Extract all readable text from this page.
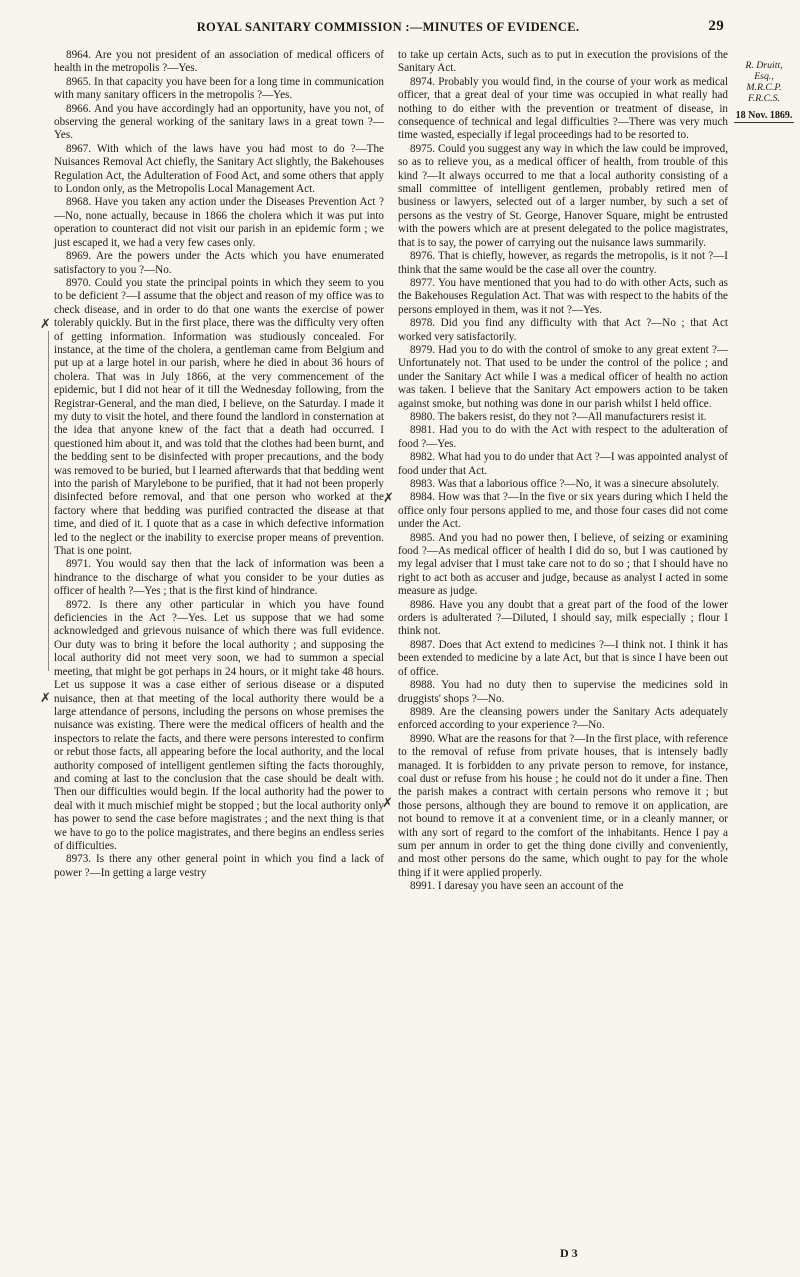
ROYAL SANITARY COMMISSION :—MINUTES OF EVIDENCE.	29

8964. Are you not president of an association of medical officers of health in the metropolis ?—Yes.

8965. In that capacity you have been for a long time in communication with many sanitary officers in the metropolis ?—Yes.

8966. And you have accordingly had an opportunity, have you not, of observing the general working of the sanitary laws in a great town ?—Yes.

8967. With which of the laws have you had most to do ?—The Nuisances Removal Act chiefly, the Sanitary Act slightly, the Bakehouses Regulation Act, the Adulteration of Food Act, and some others that apply to London only, as the Metropolis Local Management Act.

8968. Have you taken any action under the Diseases Prevention Act ?—No, none actually, because in 1866 the cholera which it was put into operation to counteract did not visit our parish in an epidemic form ; we just escaped it, we had a very few cases only.

8969. Are the powers under the Acts which you have enumerated satisfactory to you ?—No.

8970. Could you state the principal points in which they seem to you to be deficient ?—I assume that the object and reason of my office was to check disease, and in order to do that one wants the exercise of power tolerably quickly. But in the first place, there was the difficulty very often of getting information. Information was studiously concealed. For instance, at the time of the cholera, a gentleman came from Belgium and put up at a large hotel in our parish, where he died in about 36 hours of cholera. That was in July 1866, at the very commencement of the epidemic, but I did not hear of it till the Wednesday following, from the Registrar-General, and the man died, I believe, on the Saturday. I made it my duty to visit the hotel, and there found the landlord in consternation at the idea that anyone knew of the fact that a death had occurred. I questioned him about it, and was told that the clothes had been burnt, and the bedding sent to be disinfected with proper precautions, and the body was removed to be buried, but I learned afterwards that that bedding went into the parish of Marylebone to be purified, that it had not been properly disinfected before removal, and that one person who worked at the factory where that bedding was purified contracted the disease at that time, and died of it. I quote that as a case in which defective information led to the neglect or the inability to exercise proper means of prevention. That is one point.

8971. You would say then that the lack of information was been a hindrance to the discharge of what you consider to be your duties as officer of health ?—Yes ; that is the first kind of hindrance.

8972. Is there any other particular in which you have found deficiencies in the Act ?—Yes. Let us suppose that we had some acknowledged and grievous nuisance of which there was full evidence. Our duty was to bring it before the local authority ; and supposing the local authority did not meet very soon, we had to summon a special meeting, that might be got perhaps in 24 hours, or it might take 48 hours. Let us suppose it was a case either of serious disease or a disputed nuisance, then at that meeting of the local authority there would be a large attendance of persons, including the persons on whose premises the nuisance was existing. There were the medical officers of health and the inspectors to relate the facts, and there were persons interested to confirm or rebut those facts, all appearing before the local authority, and the local authority composed of intelligent gentlemen sifting the facts thoroughly, and coming at last to the conclusion that the case should be dealt with. Then our difficulties would begin. If the local authority had the power to deal with it much mischief might be stopped ; but the local authority only has power to send the case before magistrates ; and the next thing is that we have to go to the police magistrates, and there begins an endless series of difficulties.

8973. Is there any other general point in which you find a lack of power ?—In getting a large vestry

to take up certain Acts, such as to put in execution the provisions of the Sanitary Act.

8974. Probably you would find, in the course of your work as medical officer, that a great deal of your time was occupied in what really had nothing to do either with the prevention or treatment of disease, in consequence of technical and legal difficulties ?—There was very much time wasted, especially if legal proceedings had to be resorted to.

8975. Could you suggest any way in which the law could be improved, so as to relieve you, as a medical officer of health, from trouble of this kind ?—It always occurred to me that a local authority consisting of a small committee of intelligent gentlemen, probably retired men of business or lawyers, selected out of a larger number, by such a set of persons as the vestry of St. George, Hanover Square, might be entrusted with the powers which are at present delegated to the police magistrates, that is to say, the power of carrying out the nuisance laws summarily.

8976. That is chiefly, however, as regards the metropolis, is it not ?—I think that the same would be the case all over the country.

8977. You have mentioned that you had to do with other Acts, such as the Bakehouses Regulation Act. That was with respect to the habits of the persons employed in them, was it not ?—Yes.

8978. Did you find any difficulty with that Act ?—No ; that Act worked very satisfactorily.

8979. Had you to do with the control of smoke to any great extent ?—Unfortunately not. That used to be under the control of the police ; and under the Sanitary Act while I was a medical officer of health no action was taken. I believe that the Sanitary Act empowers action to be taken against smoke, but nothing was done in our parish whilst I held office.

8980. The bakers resist, do they not ?—All manufacturers resist it.

8981. Had you to do with the Act with respect to the adulteration of food ?—Yes.

8982. What had you to do under that Act ?—I was appointed analyst of food under that Act.

8983. Was that a laborious office ?—No, it was a sinecure absolutely.

8984. How was that ?—In the five or six years during which I held the office only four persons applied to me, and those four cases did not come under the Act.

8985. And you had no power then, I believe, of seizing or examining food ?—As medical officer of health I did do so, but I was cautioned by my legal adviser that I must take care not to do so ; that I should have no right to act both as accuser and judge, because as analyst I acted in some measure as judge.

8986. Have you any doubt that a great part of the food of the lower orders is adulterated ?—Diluted, I should say, milk especially ; flour I think not.

8987. Does that Act extend to medicines ?—I think not. I think it has been extended to medicine by a late Act, but that is since I have been out of office.

8988. You had no duty then to supervise the medicines sold in druggists' shops ?—No.

8989. Are the cleansing powers under the Sanitary Acts adequately enforced according to your experience ?—No.

8990. What are the reasons for that ?—In the first place, with reference to the removal of refuse from private houses, that is intensely badly managed. It is forbidden to any private person to remove, for instance, coal dust or refuse from his house ; he could not do it under a fine. Then the parish makes a contract with certain persons who remove it ; but those persons, although they are bound to remove it on application, are not bound to remove it at a convenient time, or in a cleanly manner, or with any sort of regard to the comfort of the inhabitants. Hence I pay a sum per annum in order to get the thing done civilly and conveniently, and most other persons do the same, which ought to pay for the whole thing if it were applied properly.

8991. I daresay you have seen an account of the

R. Druitt,
Esq.,
M.R.C.P.
F.R.C.S.
18 Nov. 1869.
✗
✗
✗
✗
D 3
